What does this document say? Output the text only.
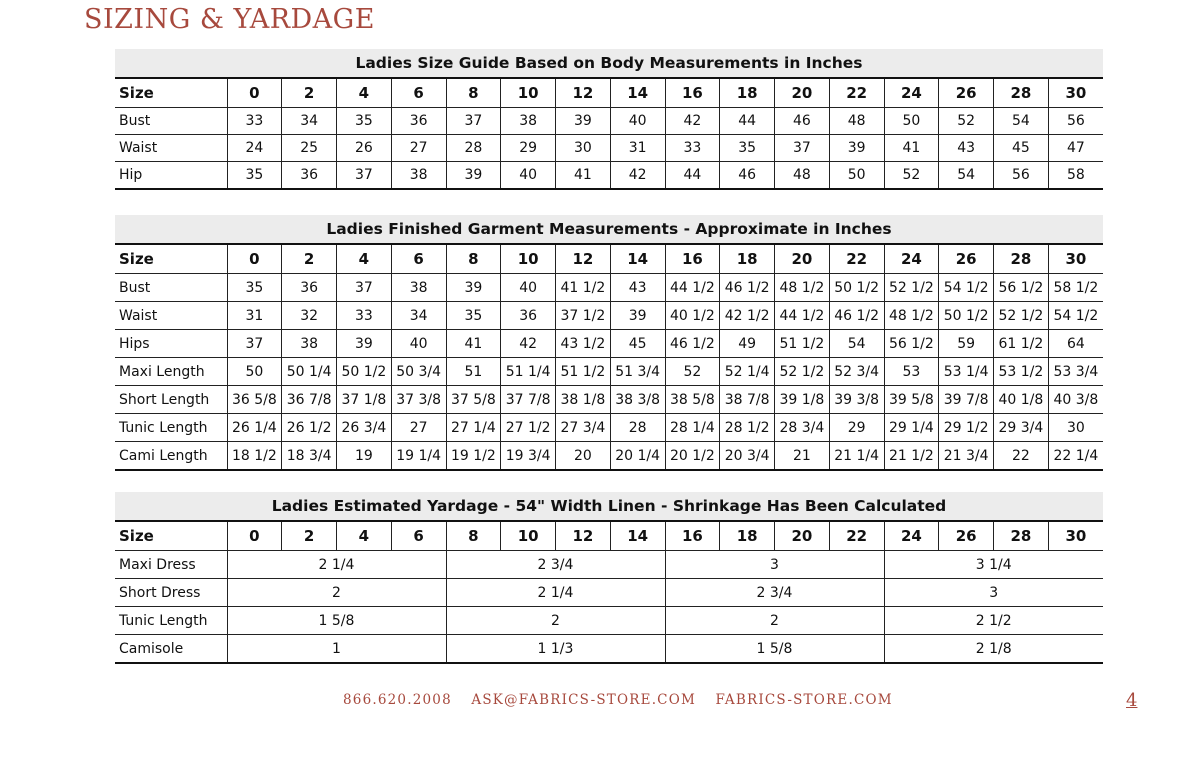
SIZING & YARDAGE
Ladies Size Guide Based on Body Measurements in Inches
Size	0	2	4	6	8	10	12	14	16	18	20	22	24	26	28	30
Bust	33	34	35	36	37	38	39	40	42	44	46	48	50	52	54	56
Waist	24	25	26	27	28	29	30	31	33	35	37	39	41	43	45	47
Hip	35	36	37	38	39	40	41	42	44	46	48	50	52	54	56	58
Ladies Finished Garment Measurements - Approximate in Inches
Size	0	2	4	6	8	10	12	14	16	18	20	22	24	26	28	30
Bust	35	36	37	38	39	40	41 1/2	43	44 1/2	46 1/2	48 1/2	50 1/2	52 1/2	54 1/2	56 1/2	58 1/2
Waist	31	32	33	34	35	36	37 1/2	39	40 1/2	42 1/2	44 1/2	46 1/2	48 1/2	50 1/2	52 1/2	54 1/2
Hips	37	38	39	40	41	42	43 1/2	45	46 1/2	49	51 1/2	54	56 1/2	59	61 1/2	64
Maxi Length	50	50 1/4	50 1/2	50 3/4	51	51 1/4	51 1/2	51 3/4	52	52 1/4	52 1/2	52 3/4	53	53 1/4	53 1/2	53 3/4
Short Length	36 5/8	36 7/8	37 1/8	37 3/8	37 5/8	37 7/8	38 1/8	38 3/8	38 5/8	38 7/8	39 1/8	39 3/8	39 5/8	39 7/8	40 1/8	40 3/8
Tunic Length	26 1/4	26 1/2	26 3/4	27	27 1/4	27 1/2	27 3/4	28	28 1/4	28 1/2	28 3/4	29	29 1/4	29 1/2	29 3/4	30
Cami Length	18 1/2	18 3/4	19	19 1/4	19 1/2	19 3/4	20	20 1/4	20 1/2	20 3/4	21	21 1/4	21 1/2	21 3/4	22	22 1/4
Ladies Estimated Yardage - 54" Width Linen - Shrinkage Has Been Calculated
Size	0	2	4	6	8	10	12	14	16	18	20	22	24	26	28	30
Maxi Dress	2 1/4				2 3/4				3				3 1/4			
Short Dress	2				2 1/4				2 3/4				3			
Tunic Length	1 5/8				2				2				2 1/2			
Camisole	1				1 1/3				1 5/8				2 1/8			
866.620.2008 ASK@FABRICS-STORE.COM FABRICS-STORE.COM	4
